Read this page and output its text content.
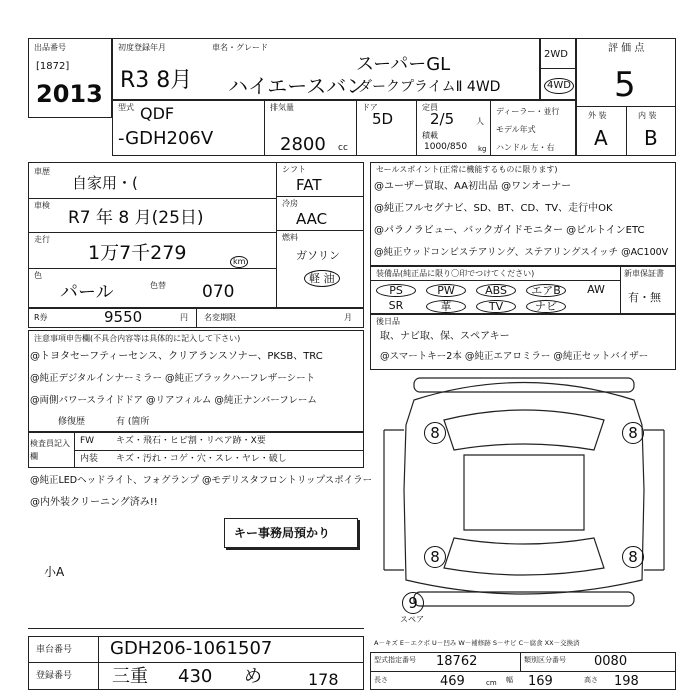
出品番号
[1872]
2013
初度登録年月	車名・グレード
R3 8月 ハイエースバン
スーパーGL
ダークプライムⅡ 4WD
2WD
4WD
評 価 点
5
外 装	内 装
A B
型式 QDF
-GDH206V
排気量
2800 cc
ドア
5D
定員
2/5	人
積載
1000/850 kg
ディーラー・並行
モデル年式
ハンドル 左・右
車歴
自家用・(
車検
R7 年 8 月(25日)
走行
1万7千279	km
色
パール	色替 070
シフト
FAT
冷房
AAC
燃料
ガソリン
軽 油
R券	9550	円 名変期限	月
セールスポイント(正常に機能するものに限ります)
@ユーザー買取、AA初出品 @ワンオーナー
@純正フルセグナビ、SD、BT、CD、TV、走行中OK
@パラノラビュー、バックガイドモニター @ビルトインETC
@純正ウッドコンビステアリング、ステアリングスイッチ @AC100V
装備品(純正品に限り〇印でつけてください)	新車保証書
有・無
PS	PW	ABS	エアB	AW
SR	革	TV	ナビ
後日品
取、ナビ取、保、スペアキー
@スマートキー2本 @純正エアロミラー @純正セットバイザー
注意事項申告欄(不具合内容等は具体的に記入して下さい)
@トヨタセーフティーセンス、クリアランスソナー、PKSB、TRC
@純正デジタルインナーミラー @純正ブラックハーフレザーシート
@両側パワースライドドア @リアフィルム @純正ナンバーフレーム
修復歴	有 (箇所
検査員記入欄
FW キズ・飛石・ヒビ割・リペア跡・X要
内装 キズ・汚れ・コゲ・穴・スレ・ヤレ・破し
@純正LEDヘッドライト、フォグランプ @モデリスタフロントリップスポイラー
@内外装クリーニング済み!!
キー事務局預かり
小A
8	8
8	8
9
スペア
車台番号 GDH206-1061507
登録番号 三重 430 め	178
A－キズ E－エクボ U－凹み W－補修跡 S－サビ C－腐食 XX－交換済
型式指定番号 18762	類別区分番号 0080
長さ	469	cm 幅 169	高さ 198
